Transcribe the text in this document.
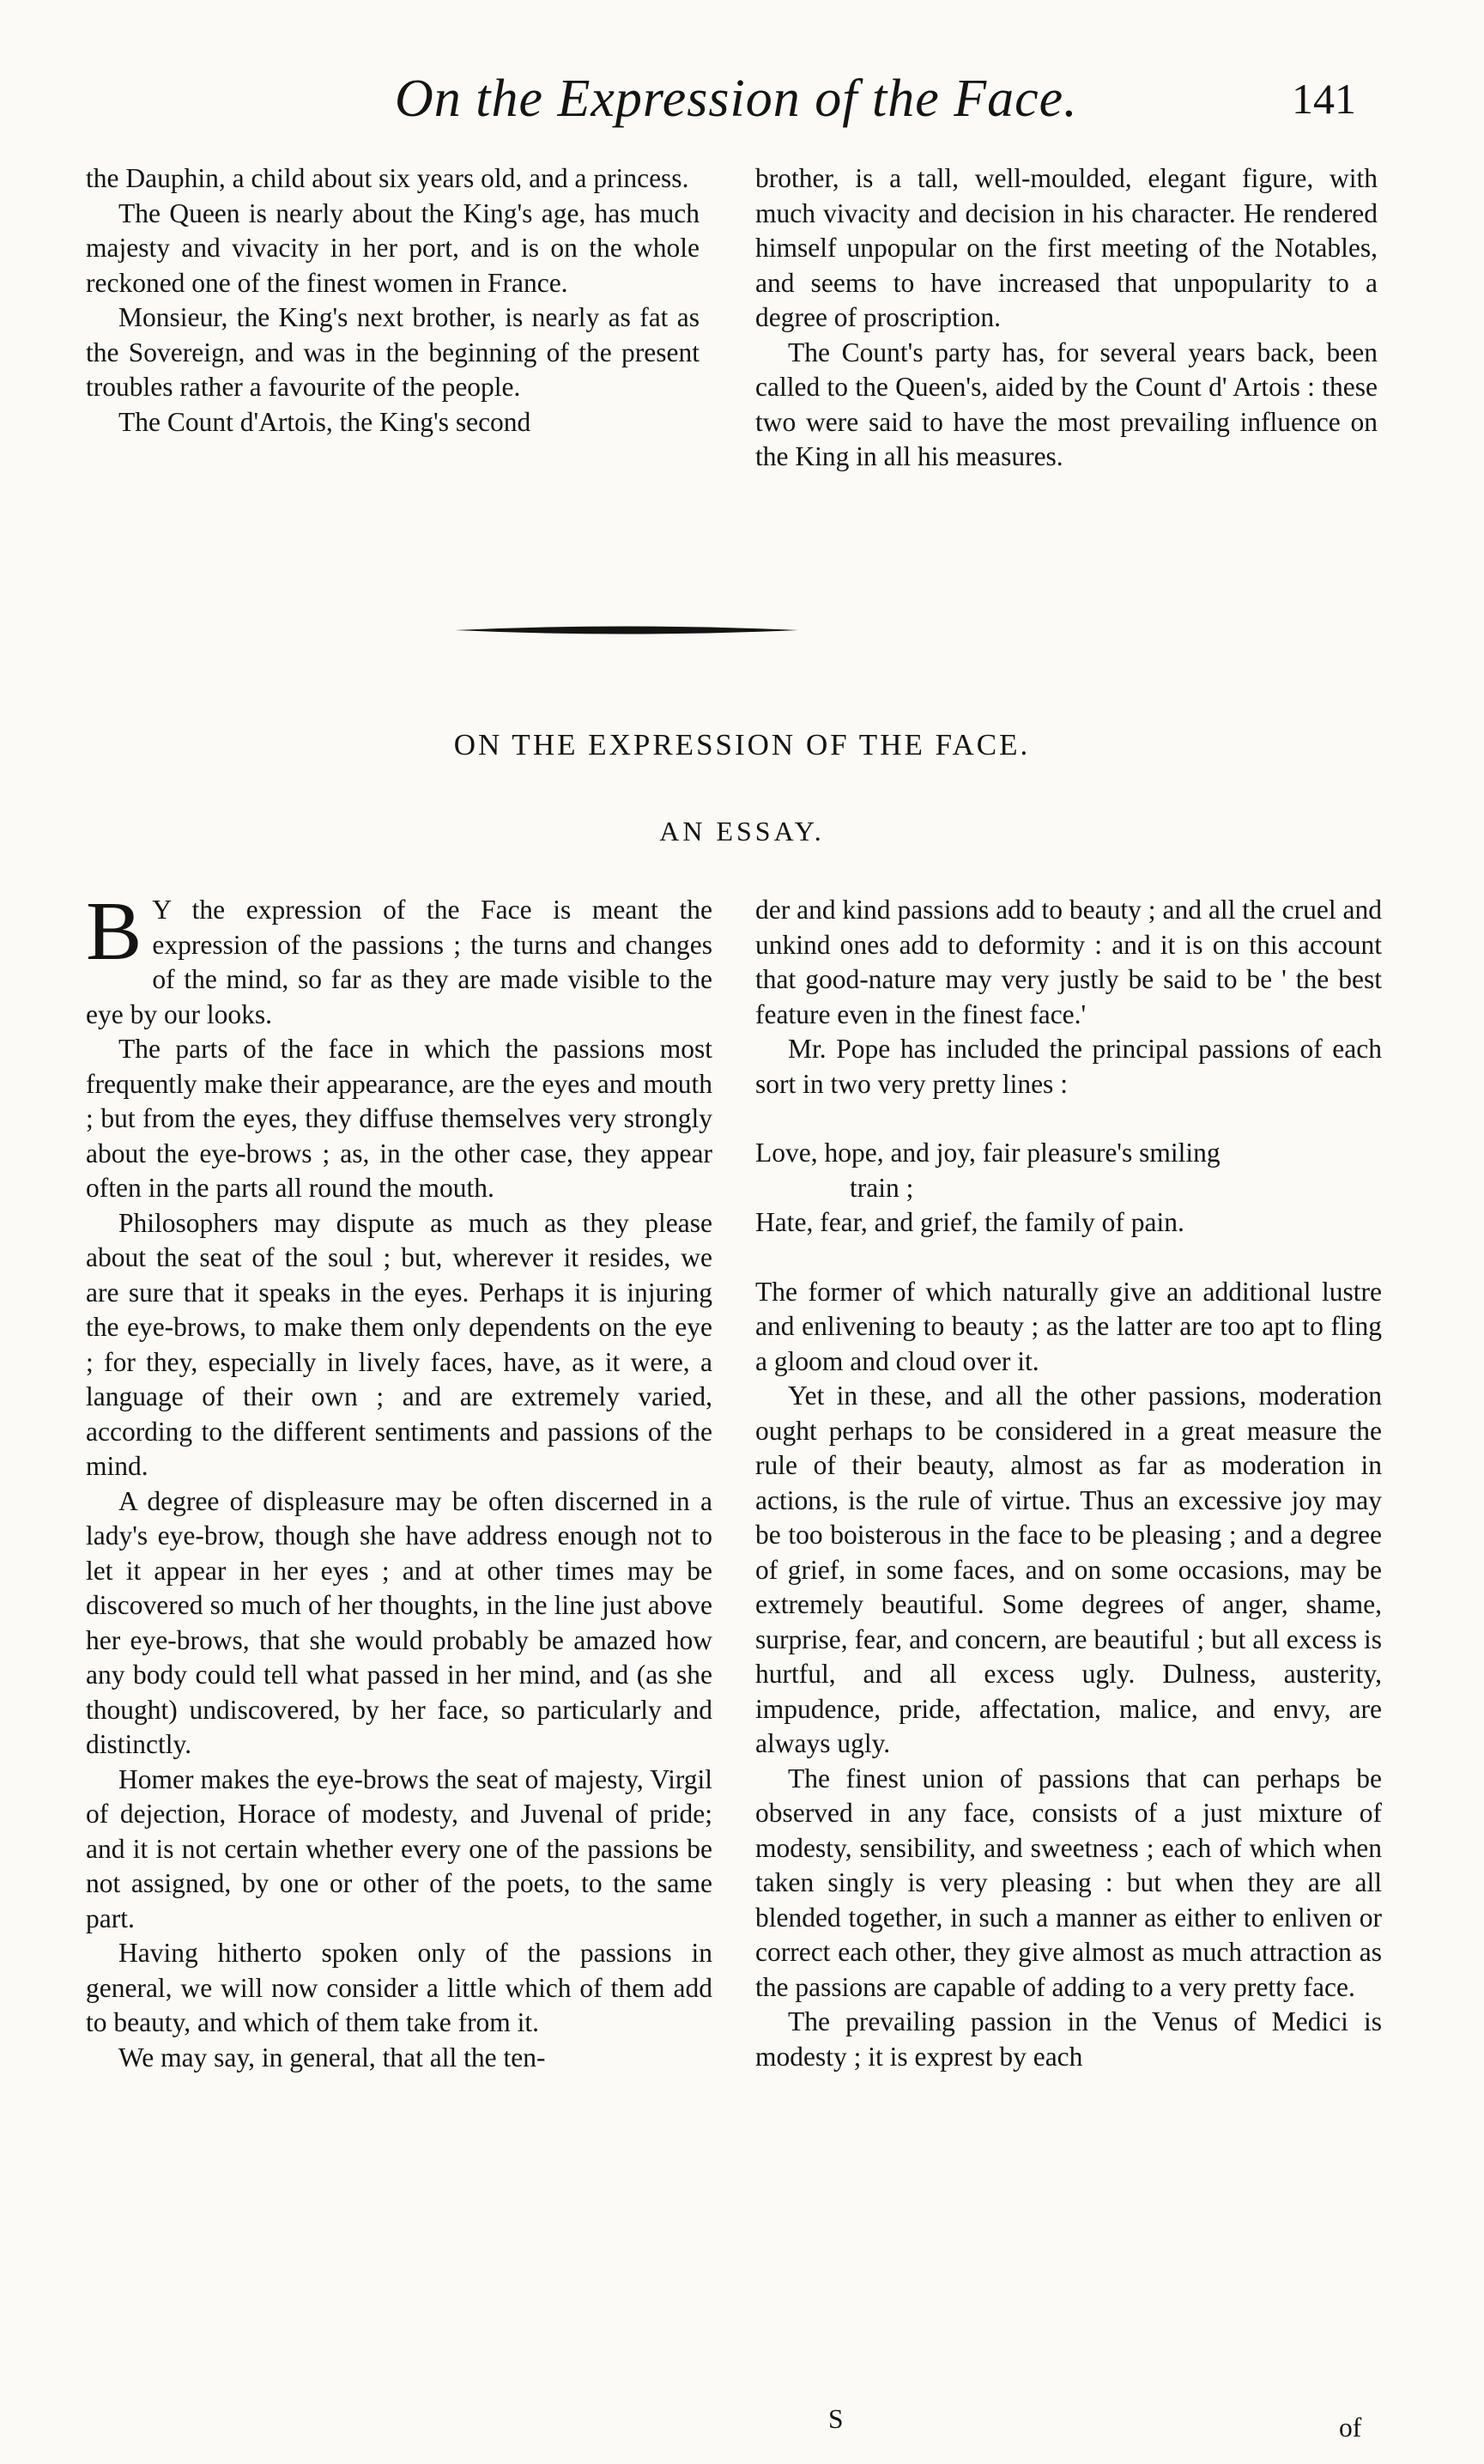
On the Expression of the Face.	141

the Dauphin, a child about six years old, and a princess.

The Queen is nearly about the King's age, has much majesty and vivacity in her port, and is on the whole reckoned one of the finest women in France.

Monsieur, the King's next brother, is nearly as fat as the Sovereign, and was in the beginning of the present troubles rather a favourite of the people.

The Count d'Artois, the King's second

brother, is a tall, well-moulded, elegant figure, with much vivacity and decision in his character. He rendered himself unpopular on the first meeting of the Notables, and seems to have increased that unpopularity to a degree of proscription.

The Count's party has, for several years back, been called to the Queen's, aided by the Count d' Artois : these two were said to have the most prevailing influence on the King in all his measures.

ON THE EXPRESSION OF THE FACE.
AN ESSAY.

B Y the expression of the Face is meant the expression of the passions ; the turns and changes of the mind, so far as they are made visible to the eye by our looks.

The parts of the face in which the passions most frequently make their appearance, are the eyes and mouth ; but from the eyes, they diffuse themselves very strongly about the eye-brows ; as, in the other case, they appear often in the parts all round the mouth.

Philosophers may dispute as much as they please about the seat of the soul ; but, wherever it resides, we are sure that it speaks in the eyes. Perhaps it is injuring the eye-brows, to make them only dependents on the eye ; for they, especially in lively faces, have, as it were, a language of their own ; and are extremely varied, according to the different sentiments and passions of the mind.

A degree of displeasure may be often discerned in a lady's eye-brow, though she have address enough not to let it appear in her eyes ; and at other times may be discovered so much of her thoughts, in the line just above her eye-brows, that she would probably be amazed how any body could tell what passed in her mind, and (as she thought) undiscovered, by her face, so particularly and distinctly.

Homer makes the eye-brows the seat of majesty, Virgil of dejection, Horace of modesty, and Juvenal of pride; and it is not certain whether every one of the passions be not assigned, by one or other of the poets, to the same part.

Having hitherto spoken only of the passions in general, we will now consider a little which of them add to beauty, and which of them take from it.

We may say, in general, that all the ten-

der and kind passions add to beauty ; and all the cruel and unkind ones add to deformity : and it is on this account that good-nature may very justly be said to be ' the best feature even in the finest face.'

Mr. Pope has included the principal passions of each sort in two very pretty lines :

Love, hope, and joy, fair pleasure's smiling
train ;
Hate, fear, and grief, the family of pain.

The former of which naturally give an additional lustre and enlivening to beauty ; as the latter are too apt to fling a gloom and cloud over it.

Yet in these, and all the other passions, moderation ought perhaps to be considered in a great measure the rule of their beauty, almost as far as moderation in actions, is the rule of virtue. Thus an excessive joy may be too boisterous in the face to be pleasing ; and a degree of grief, in some faces, and on some occasions, may be extremely beautiful. Some degrees of anger, shame, surprise, fear, and concern, are beautiful ; but all excess is hurtful, and all excess ugly. Dulness, austerity, impudence, pride, affectation, malice, and envy, are always ugly.

The finest union of passions that can perhaps be observed in any face, consists of a just mixture of modesty, sensibility, and sweetness ; each of which when taken singly is very pleasing : but when they are all blended together, in such a manner as either to enliven or correct each other, they give almost as much attraction as the passions are capable of adding to a very pretty face.

The prevailing passion in the Venus of Medici is modesty ; it is exprest by each

S	of
